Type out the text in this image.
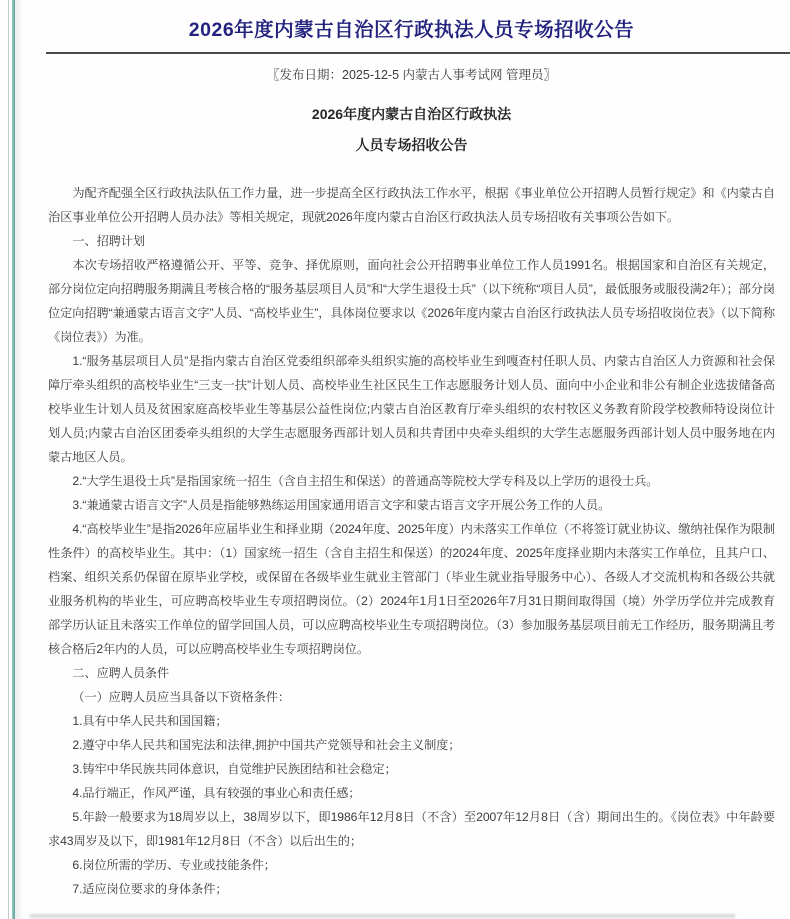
2026年度内蒙古自治区行政执法人员专场招收公告
〖发布日期：2025-12-5 内蒙古人事考试网 管理员〗
2026年度内蒙古自治区行政执法
人员专场招收公告

为配齐配强全区行政执法队伍工作力量，进一步提高全区行政执法工作水平，根据《事业单位公开招聘人员暂行规定》和《内蒙古自治区事业单位公开招聘人员办法》等相关规定，现就2026年度内蒙古自治区行政执法人员专场招收有关事项公告如下。

一、招聘计划

本次专场招收严格遵循公开、平等、竞争、择优原则，面向社会公开招聘事业单位工作人员1991名。根据国家和自治区有关规定，部分岗位定向招聘服务期满且考核合格的“服务基层项目人员”和“大学生退役士兵”（以下统称“项目人员”，最低服务或服役满2年）；部分岗位定向招聘“兼通蒙古语言文字”人员、“高校毕业生”，具体岗位要求以《2026年度内蒙古自治区行政执法人员专场招收岗位表》（以下简称《岗位表》）为准。

1.“服务基层项目人员”是指内蒙古自治区党委组织部牵头组织实施的高校毕业生到嘎查村任职人员、内蒙古自治区人力资源和社会保障厅牵头组织的高校毕业生“三支一扶”计划人员、高校毕业生社区民生工作志愿服务计划人员、面向中小企业和非公有制企业选拔储备高校毕业生计划人员及贫困家庭高校毕业生等基层公益性岗位;内蒙古自治区教育厅牵头组织的农村牧区义务教育阶段学校教师特设岗位计划人员;内蒙古自治区团委牵头组织的大学生志愿服务西部计划人员和共青团中央牵头组织的大学生志愿服务西部计划人员中服务地在内蒙古地区人员。

2.“大学生退役士兵”是指国家统一招生（含自主招生和保送）的普通高等院校大学专科及以上学历的退役士兵。

3.“兼通蒙古语言文字”人员是指能够熟练运用国家通用语言文字和蒙古语言文字开展公务工作的人员。

4.“高校毕业生”是指2026年应届毕业生和择业期（2024年度、2025年度）内未落实工作单位（不将签订就业协议、缴纳社保作为限制性条件）的高校毕业生。其中：（1）国家统一招生（含自主招生和保送）的2024年度、2025年度择业期内未落实工作单位，且其户口、档案、组织关系仍保留在原毕业学校，或保留在各级毕业生就业主管部门（毕业生就业指导服务中心）、各级人才交流机构和各级公共就业服务机构的毕业生，可应聘高校毕业生专项招聘岗位。（2）2024年1月1日至2026年7月31日期间取得国（境）外学历学位并完成教育部学历认证且未落实工作单位的留学回国人员，可以应聘高校毕业生专项招聘岗位。（3）参加服务基层项目前无工作经历，服务期满且考核合格后2年内的人员，可以应聘高校毕业生专项招聘岗位。

二、应聘人员条件

（一）应聘人员应当具备以下资格条件：

1.具有中华人民共和国国籍；

2.遵守中华人民共和国宪法和法律,拥护中国共产党领导和社会主义制度；

3.铸牢中华民族共同体意识，自觉维护民族团结和社会稳定；

4.品行端正，作风严谨，具有较强的事业心和责任感；

5.年龄一般要求为18周岁以上，38周岁以下，即1986年12月8日（不含）至2007年12月8日（含）期间出生的。《岗位表》中年龄要求43周岁及以下，即1981年12月8日（不含）以后出生的；

6.岗位所需的学历、专业或技能条件；

7.适应岗位要求的身体条件；
